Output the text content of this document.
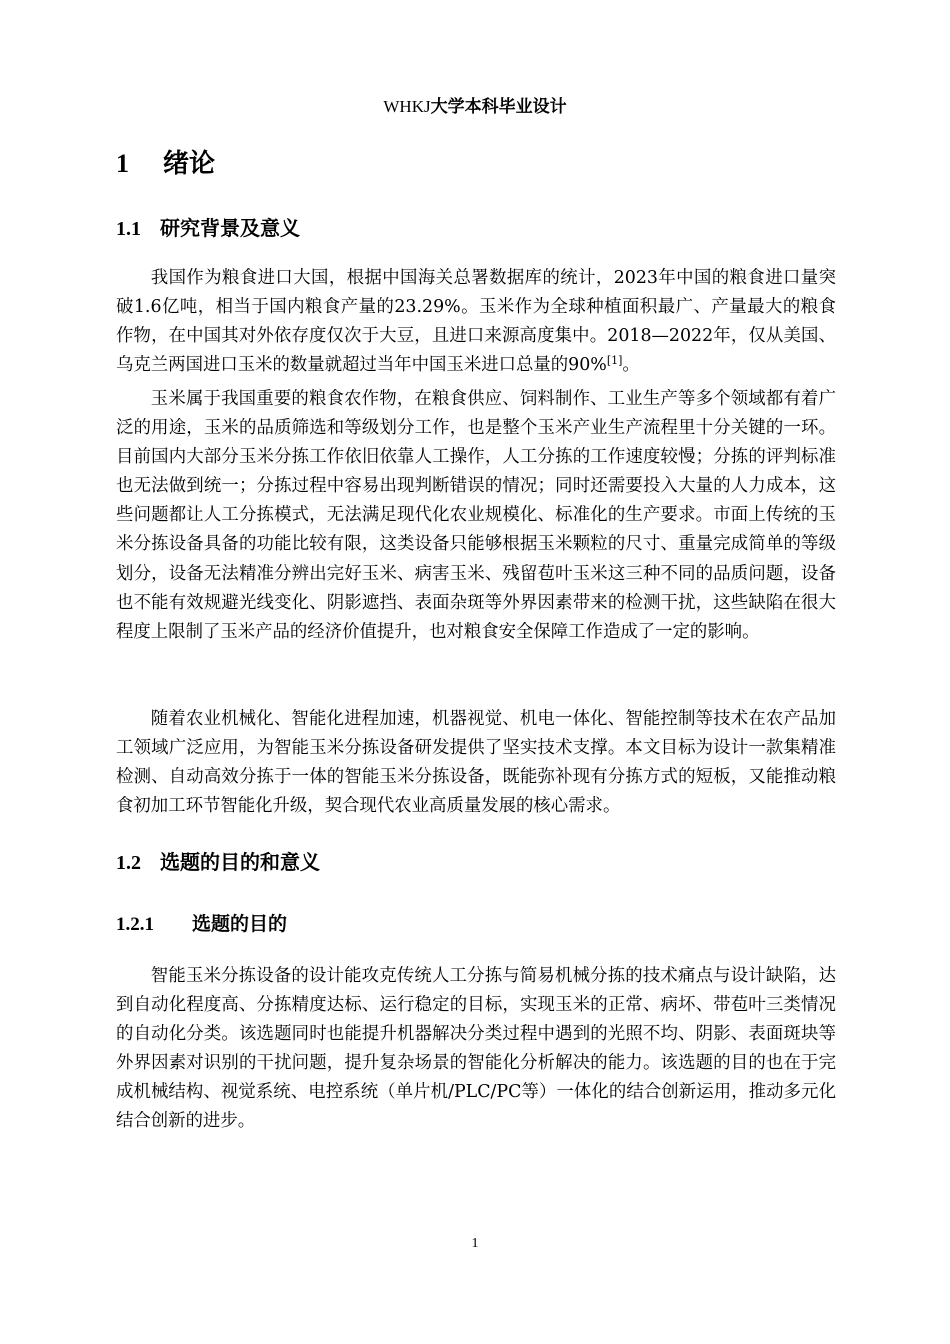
WHKJ大学本科毕业设计
1 绪论
1.1 研究背景及意义

我国作为粮食进口大国，根据中国海关总署数据库的统计，2023年中国的粮食进口量突破1.6亿吨，相当于国内粮食产量的23.29%。玉米作为全球种植面积最广、产量最大的粮食作物，在中国其对外依存度仅次于大豆，且进口来源高度集中。2018—2022年，仅从美国、乌克兰两国进口玉米的数量就超过当年中国玉米进口总量的90%[1]。

玉米属于我国重要的粮食农作物，在粮食供应、饲料制作、工业生产等多个领域都有着广泛的用途，玉米的品质筛选和等级划分工作，也是整个玉米产业生产流程里十分关键的一环。目前国内大部分玉米分拣工作依旧依靠人工操作，人工分拣的工作速度较慢；分拣的评判标准也无法做到统一；分拣过程中容易出现判断错误的情况；同时还需要投入大量的人力成本，这些问题都让人工分拣模式，无法满足现代化农业规模化、标准化的生产要求。市面上传统的玉米分拣设备具备的功能比较有限，这类设备只能够根据玉米颗粒的尺寸、重量完成简单的等级划分，设备无法精准分辨出完好玉米、病害玉米、残留苞叶玉米这三种不同的品质问题，设备也不能有效规避光线变化、阴影遮挡、表面杂斑等外界因素带来的检测干扰，这些缺陷在很大程度上限制了玉米产品的经济价值提升，也对粮食安全保障工作造成了一定的影响。

随着农业机械化、智能化进程加速，机器视觉、机电一体化、智能控制等技术在农产品加工领域广泛应用，为智能玉米分拣设备研发提供了坚实技术支撑。本文目标为设计一款集精准检测、自动高效分拣于一体的智能玉米分拣设备，既能弥补现有分拣方式的短板，又能推动粮食初加工环节智能化升级，契合现代农业高质量发展的核心需求。

1.2 选题的目的和意义
1.2.1 选题的目的

智能玉米分拣设备的设计能攻克传统人工分拣与简易机械分拣的技术痛点与设计缺陷，达到自动化程度高、分拣精度达标、运行稳定的目标，实现玉米的正常、病坏、带苞叶三类情况的自动化分类。该选题同时也能提升机器解决分类过程中遇到的光照不均、阴影、表面斑块等外界因素对识别的干扰问题，提升复杂场景的智能化分析解决的能力。该选题的目的也在于完成机械结构、视觉系统、电控系统（单片机/PLC/PC等）一体化的结合创新运用，推动多元化结合创新的进步。

1
